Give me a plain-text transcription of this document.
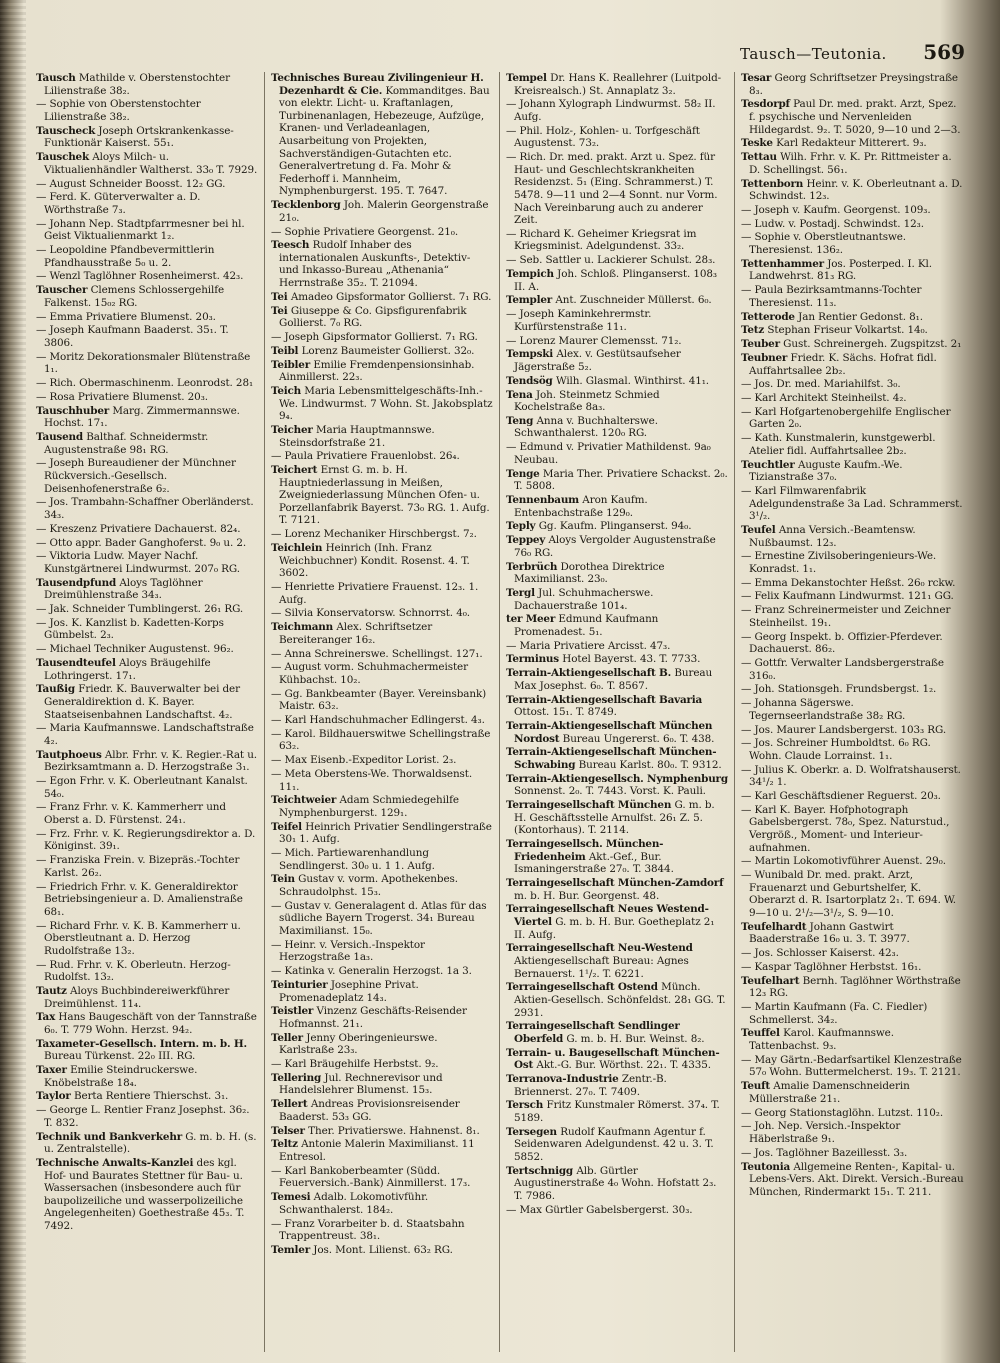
Tausch—Teutonia. 569

Tausch Mathilde v. Oberstenstochter Lilienstraße 38₂.

— Sophie von Oberstenstochter Lilienstraße 38₂.

Tauscheck Joseph Ortskrankenkasse-Funktionär Kaiserst. 55₁.

Tauschek Aloys Milch- u. Viktualienhändler Waltherst. 33₀ T. 7929.

— August Schneider Boosst. 12₂ GG.

— Ferd. K. Güterverwalter a. D. Wörthstraße 7₃.

— Johann Nep. Stadtpfarrmesner bei hl. Geist Viktualienmarkt 1₂.

— Leopoldine Pfandbevermittlerin Pfandhausstraße 5₀ u. 2.

— Wenzl Taglöhner Rosenheimerst. 42₃.

Tauscher Clemens Schlossergehilfe Falkenst. 15₀₂ RG.

— Emma Privatiere Blumenst. 20₃.

— Joseph Kaufmann Baaderst. 35₁. T. 3806.

— Moritz Dekorationsmaler Blütenstraße 1₁.

— Rich. Obermaschinenm. Leonrodst. 28₁

— Rosa Privatiere Blumenst. 20₃.

Tauschhuber Marg. Zimmermannswe. Hochst. 17₁.

Tausend Balthaf. Schneidermstr. Augustenstraße 98₁ RG.

— Joseph Bureaudiener der Münchner Rückversich.-Gesellsch. Deisenhofenerstraße 6₂.

— Jos. Trambahn-Schaffner Oberländerst. 34₃.

— Kreszenz Privatiere Dachauerst. 82₄.

— Otto appr. Bader Ganghoferst. 9₀ u. 2.

— Viktoria Ludw. Mayer Nachf. Kunstgärtnerei Lindwurmst. 207₀ RG.

Tausendpfund Aloys Taglöhner Dreimühlenstraße 34₃.

— Jak. Schneider Tumblingerst. 26₁ RG.

— Jos. K. Kanzlist b. Kadetten-Korps Gümbelst. 2₃.

— Michael Techniker Augustenst. 96₂.

Tausendteufel Aloys Bräugehilfe Lothringerst. 17₁.

Taußig Friedr. K. Bauverwalter bei der Generaldirektion d. K. Bayer. Staatseisenbahnen Landschaftst. 4₂.

— Maria Kaufmannswe. Landschaftstraße 4₂.

Tautphoeus Albr. Frhr. v. K. Regier.-Rat u. Bezirksamtmann a. D. Herzogstraße 3₁.

— Egon Frhr. v. K. Oberleutnant Kanalst. 54₀.

— Franz Frhr. v. K. Kammerherr und Oberst a. D. Fürstenst. 24₁.

— Frz. Frhr. v. K. Regierungsdirektor a. D. Königinst. 39₁.

— Franziska Frein. v. Bizepräs.-Tochter Karlst. 26₂.

— Friedrich Frhr. v. K. Generaldirektor Betriebsingenieur a. D. Amalienstraße 68₁.

— Richard Frhr. v. K. B. Kammerherr u. Oberstleutnant a. D. Herzog Rudolfstraße 13₂.

— Rud. Frhr. v. K. Oberleutn. Herzog-Rudolfst. 13₂.

Tautz Aloys Buchbindereiwerkführer Dreimühlenst. 11₄.

Tax Hans Baugeschäft von der Tannstraße 6₀. T. 779 Wohn. Herzst. 94₂.

Taxameter-Gesellsch. Intern. m. b. H. Bureau Türkenst. 22₀ III. RG.

Taxer Emilie Steindruckerswe. Knöbelstraße 18₄.

Taylor Berta Rentiere Thierschst. 3₁.

— George L. Rentier Franz Josephst. 36₂. T. 832.

Technik und Bankverkehr G. m. b. H. (s. u. Zentralstelle).

Technische Anwalts-Kanzlei des kgl. Hof- und Baurates Stettner für Bau- u. Wassersachen (insbesondere auch für baupolizeiliche und wasserpolizeiliche Angelegenheiten) Goethestraße 45₃. T. 7492.

Technisches Bureau Zivilingenieur H. Dezenhardt & Cie. Kommanditges. Bau von elektr. Licht- u. Kraftanlagen, Turbinenanlagen, Hebezeuge, Aufzüge, Kranen- und Verladeanlagen, Ausarbeitung von Projekten, Sachverständigen-Gutachten etc. Generalvertretung d. Fa. Mohr & Federhoff i. Mannheim, Nymphenburgerst. 195. T. 7647.

Tecklenborg Joh. Malerin Georgenstraße 21₀.

— Sophie Privatiere Georgenst. 21₀.

Teesch Rudolf Inhaber des internationalen Auskunfts-, Detektiv- und Inkasso-Bureau „Athenania“ Herrnstraße 35₂. T. 21094.

Tei Amadeo Gipsformator Gollierst. 7₁ RG.

Tei Giuseppe & Co. Gipsfigurenfabrik Gollierst. 7₀ RG.

— Joseph Gipsformator Gollierst. 7₁ RG.

Teibl Lorenz Baumeister Gollierst. 32₀.

Teibler Emilie Fremdenpensionsinhab. Ainmillerst. 22₃.

Teich Maria Lebensmittelgeschäfts-Inh.-We. Lindwurmst. 7 Wohn. St. Jakobsplatz 9₄.

Teicher Maria Hauptmannswe. Steinsdorfstraße 21.

— Paula Privatiere Frauenlobst. 26₄.

Teichert Ernst G. m. b. H. Hauptniederlassung in Meißen, Zweigniederlassung München Ofen- u. Porzellanfabrik Bayerst. 73₀ RG. 1. Aufg. T. 7121.

— Lorenz Mechaniker Hirschbergst. 7₂.

Teichlein Heinrich (Inh. Franz Weichbuchner) Kondit. Rosenst. 4. T. 3602.

— Henriette Privatiere Frauenst. 12₃. 1. Aufg.

— Silvia Konservatorsw. Schnorrst. 4₀.

Teichmann Alex. Schriftsetzer Bereiteranger 16₂.

— Anna Schreinerswe. Schellingst. 127₁.

— August vorm. Schuhmachermeister Kühbachst. 10₂.

— Gg. Bankbeamter (Bayer. Vereinsbank) Maistr. 63₂.

— Karl Handschuhmacher Edlingerst. 4₃.

— Karol. Bildhauerswitwe Schellingstraße 63₂.

— Max Eisenb.-Expeditor Lorist. 2₃.

— Meta Oberstens-We. Thorwaldsenst. 11₁.

Teichtweier Adam Schmiedegehilfe Nymphenburgerst. 129₁.

Teifel Heinrich Privatier Sendlingerstraße 30₁ 1. Aufg.

— Mich. Partiewarenhandlung Sendlingerst. 30₀ u. 1 1. Aufg.

Tein Gustav v. vorm. Apothekenbes. Schraudolphst. 15₃.

— Gustav v. Generalagent d. Atlas für das südliche Bayern Trogerst. 34₁ Bureau Maximilianst. 15₀.

— Heinr. v. Versich.-Inspektor Herzogstraße 1a₃.

— Katinka v. Generalin Herzogst. 1a 3.

Teinturier Josephine Privat. Promenadeplatz 14₃.

Teistler Vinzenz Geschäfts-Reisender Hofmannst. 21₁.

Teller Jenny Oberingenieurswe. Karlstraße 23₃.

— Karl Bräugehilfe Herbstst. 9₂.

Tellering Jul. Rechnerevisor und Handelslehrer Blumenst. 15₃.

Tellert Andreas Provisionsreisender Baaderst. 53₃ GG.

Telser Ther. Privatierswe. Hahnenst. 8₁.

Teltz Antonie Malerin Maximilianst. 11 Entresol.

— Karl Bankoberbeamter (Südd. Feuerversich.-Bank) Ainmillerst. 17₃.

Temesi Adalb. Lokomotivführ. Schwanthalerst. 184₂.

— Franz Vorarbeiter b. d. Staatsbahn Trappentreust. 38₁.

Temler Jos. Mont. Lilienst. 63₂ RG.

Tempel Dr. Hans K. Reallehrer (Luitpold-Kreisrealsch.) St. Annaplatz 3₂.

— Johann Xylograph Lindwurmst. 58₂ II. Aufg.

— Phil. Holz-, Kohlen- u. Torfgeschäft Augustenst. 73₂.

— Rich. Dr. med. prakt. Arzt u. Spez. für Haut- und Geschlechtskrankheiten Residenzst. 5₁ (Eing. Schrammerst.) T. 5478. 9—11 und 2—4 Sonnt. nur Vorm. Nach Vereinbarung auch zu anderer Zeit.

— Richard K. Geheimer Kriegsrat im Kriegsminist. Adelgundenst. 33₂.

— Seb. Sattler u. Lackierer Schulst. 28₃.

Tempich Joh. Schloß. Plinganserst. 108₃ II. A.

Templer Ant. Zuschneider Müllerst. 6₀.

— Joseph Kaminkehrermstr. Kurfürstenstraße 11₁.

— Lorenz Maurer Clemensst. 71₂.

Tempski Alex. v. Gestütsaufseher Jägerstraße 5₂.

Tendsög Wilh. Glasmal. Winthirst. 41₁.

Tena Joh. Steinmetz Schmied Kochelstraße 8a₃.

Teng Anna v. Buchhalterswe. Schwanthalerst. 120₀ RG.

— Edmund v. Privatier Mathildenst. 9a₀ Neubau.

Tenge Maria Ther. Privatiere Schackst. 2₀. T. 5808.

Tennenbaum Aron Kaufm. Entenbachstraße 129₀.

Teply Gg. Kaufm. Plinganserst. 94₀.

Teppey Aloys Vergolder Augustenstraße 76₀ RG.

Terbrüch Dorothea Direktrice Maximilianst. 23₀.

Tergl Jul. Schuhmacherswe. Dachauerstraße 101₄.

ter Meer Edmund Kaufmann Promenadest. 5₁.

— Maria Privatiere Arcisst. 47₃.

Terminus Hotel Bayerst. 43. T. 7733.

Terrain-Aktiengesellschaft B. Bureau Max Josephst. 6₀. T. 8567.

Terrain-Aktiengesellschaft Bavaria Ottost. 15₁. T. 8749.

Terrain-Aktiengesellschaft München Nordost Bureau Ungererst. 6₀. T. 438.

Terrain-Aktiengesellschaft München-Schwabing Bureau Karlst. 80₀. T. 9312.

Terrain-Aktiengesellsch. Nymphenburg Sonnenst. 2₀. T. 7443. Vorst. K. Pauli.

Terraingesellschaft München G. m. b. H. Geschäftsstelle Arnulfst. 26₁ Z. 5. (Kontorhaus). T. 2114.

Terraingesellsch. München-Friedenheim Akt.-Gef., Bur. Ismaningerstraße 27₀. T. 3844.

Terraingesellschaft München-Zamdorf m. b. H. Bur. Georgenst. 48.

Terraingesellschaft Neues Westend-Viertel G. m. b. H. Bur. Goetheplatz 2₁ II. Aufg.

Terraingesellschaft Neu-Westend Aktiengesellschaft Bureau: Agnes Bernauerst. 1¹/₂. T. 6221.

Terraingesellschaft Ostend Münch. Aktien-Gesellsch. Schönfeldst. 28₁ GG. T. 2931.

Terraingesellschaft Sendlinger Oberfeld G. m. b. H. Bur. Weinst. 8₂.

Terrain- u. Baugesellschaft München-Ost Akt.-G. Bur. Wörthst. 22₁. T. 4335.

Terranova-Industrie Zentr.-B. Briennerst. 27₀. T. 7409.

Tersch Fritz Kunstmaler Römerst. 37₄. T. 5189.

Tersegen Rudolf Kaufmann Agentur f. Seidenwaren Adelgundenst. 42 u. 3. T. 5852.

Tertschnigg Alb. Gürtler Augustinerstraße 4₀ Wohn. Hofstatt 2₃. T. 7986.

— Max Gürtler Gabelsbergerst. 30₃.

Tesar Georg Schriftsetzer Preysingstraße 8₃.

Tesdorpf Paul Dr. med. prakt. Arzt, Spez. f. psychische und Nervenleiden Hildegardst. 9₂. T. 5020, 9—10 und 2—3.

Teske Karl Redakteur Mitterert. 9₃.

Tettau Wilh. Frhr. v. K. Pr. Rittmeister a. D. Schellingst. 56₁.

Tettenborn Heinr. v. K. Oberleutnant a. D. Schwindst. 12₃.

— Joseph v. Kaufm. Georgenst. 109₃.

— Ludw. v. Postadj. Schwindst. 12₃.

— Sophie v. Oberstleutnantswe. Theresienst. 136₂.

Tettenhammer Jos. Posterped. I. Kl. Landwehrst. 81₃ RG.

— Paula Bezirksamtmanns-Tochter Theresienst. 11₃.

Tetterode Jan Rentier Gedonst. 8₁.

Tetz Stephan Friseur Volkartst. 14₀.

Teuber Gust. Schreinergeh. Zugspitzst. 2₁

Teubner Friedr. K. Sächs. Hofrat fidl. Auffahrtsallee 2b₂.

— Jos. Dr. med. Mariahilfst. 3₀.

— Karl Architekt Steinheilst. 4₂.

— Karl Hofgartenobergehilfe Englischer Garten 2₀.

— Kath. Kunstmalerin, kunstgewerbl. Atelier fidl. Auffahrtsallee 2b₂.

Teuchtler Auguste Kaufm.-We. Tizianstraße 37₀.

— Karl Filmwarenfabrik Adelgundenstraße 3a Lad. Schrammerst. 3¹/₂.

Teufel Anna Versich.-Beamtensw. Nußbaumst. 12₃.

— Ernestine Zivilsoberingenieurs-We. Konradst. 1₁.

— Emma Dekanstochter Heßst. 26₀ rckw.

— Felix Kaufmann Lindwurmst. 121₁ GG.

— Franz Schreinermeister und Zeichner Steinheilst. 19₁.

— Georg Inspekt. b. Offizier-Pferdever. Dachauerst. 86₂.

— Gottfr. Verwalter Landsbergerstraße 316₀.

— Joh. Stationsgeh. Frundsbergst. 1₂.

— Johanna Sägerswe. Tegernseerlandstraße 38₂ RG.

— Jos. Maurer Landsbergerst. 103₃ RG.

— Jos. Schreiner Humboldtst. 6₀ RG. Wohn. Claude Lorrainst. 1₁.

— Julius K. Oberkr. a. D. Wolfratshauserst. 34¹/₂ 1.

— Karl Geschäftsdiener Reguerst. 20₃.

— Karl K. Bayer. Hofphotograph Gabelsbergerst. 78₀, Spez. Naturstud., Vergröß., Moment- und Interieur-aufnahmen.

— Martin Lokomotivführer Auenst. 29₀.

— Wunibald Dr. med. prakt. Arzt, Frauenarzt und Geburtshelfer, K. Oberarzt d. R. Isartorplatz 2₁. T. 694. W. 9—10 u. 2¹/₂—3¹/₂, S. 9—10.

Teufelhardt Johann Gastwirt Baaderstraße 16₀ u. 3. T. 3977.

— Jos. Schlosser Kaiserst. 42₃.

— Kaspar Taglöhner Herbstst. 16₁.

Teufelhart Bernh. Taglöhner Wörthstraße 12₃ RG.

— Martin Kaufmann (Fa. C. Fiedler) Schmellerst. 34₂.

Teuffel Karol. Kaufmannswe. Tattenbachst. 9₃.

— May Gärtn.-Bedarfsartikel Klenzestraße 57₀ Wohn. Buttermelcherst. 19₃. T. 2121.

Teuft Amalie Damenschneiderin Müllerstraße 21₁.

— Georg Stationstaglöhn. Lutzst. 110₂.

— Joh. Nep. Versich.-Inspektor Häberlstraße 9₁.

— Jos. Taglöhner Bazeillesst. 3₃.

Teutonia Allgemeine Renten-, Kapital- u. Lebens-Vers. Akt. Direkt. Versich.-Bureau München, Rindermarkt 15₁. T. 211.
